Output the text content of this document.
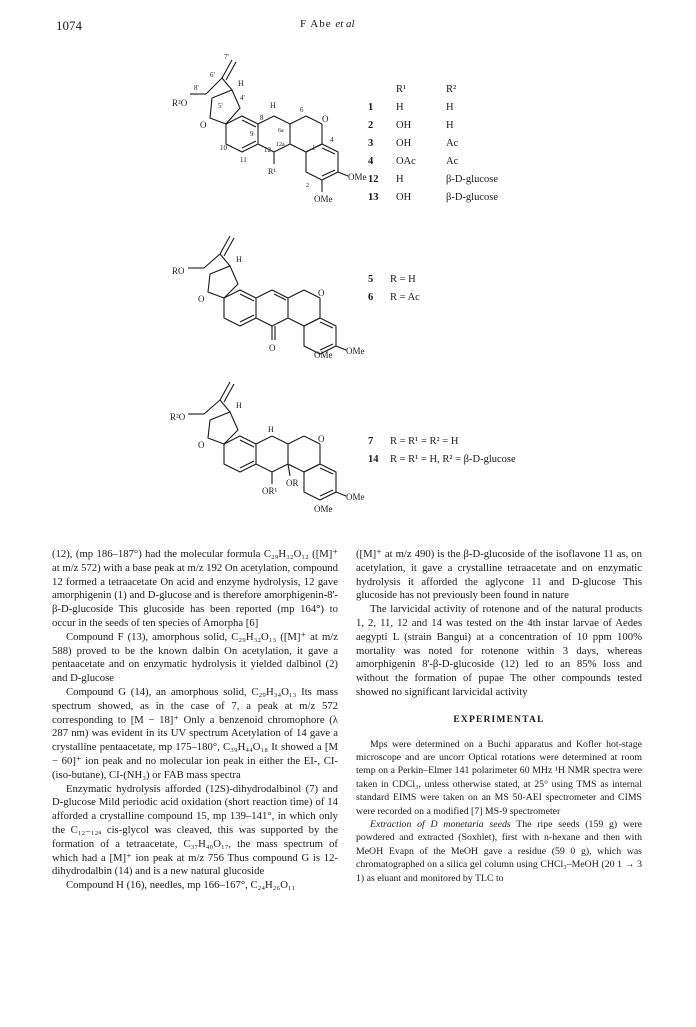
1074	F Abe et al
7'
6'
8'
R²O
H
4'
5'
O
8
H	6
O
6a
12a
9
10
11
12
R¹
1
4
OMe
2
OMe
R¹	R²
1	H	H
2	OH	H
3	OH	Ac
4	OAc	Ac
12	H	β-D-glucose
13	OH	β-D-glucose
RO
H
O
O
O	OMe
OMe
5	R = H
6	R = Ac
R²O
H
H
O
O
OR
OR¹
OMe
OMe
7	R = R¹ = R² = H
14	R = R¹ = H, R² = β-D-glucose

(12), (mp 186–187°) had the molecular formula C₂₉H₃₂O₁₂ ([M]⁺ at m/z 572) with a base peak at m/z 192 On acetylation, compound 12 formed a tetraacetate On acid and enzyme hydrolysis, 12 gave amorphigenin (1) and D-glucose and is therefore amorphigenin-8'-β-D-glucoside This glucoside has been reported (mp 164°) to occur in the seeds of ten species of Amorpha [6]

Compound F (13), amorphous solid, C₂₉H₃₂O₁₃ ([M]⁺ at m/z 588) proved to be the known dalbin On acetylation, it gave a pentaacetate and on enzymatic hydrolysis it yielded dalbinol (2) and D-glucose

Compound G (14), an amorphous solid, C₂₉H₃₄O₁₃ Its mass spectrum showed, as in the case of 7, a peak at m/z 572 corresponding to [M − 18]⁺ Only a benzenoid chromophore (λ 287 nm) was evident in its UV spectrum Acetylation of 14 gave a crystalline pentaacetate, mp 175–180°, C₃₉H₄₄O₁₈ It showed a [M − 60]⁺ ion peak and no molecular ion peak in either the EI-, CI- (iso-butane), CI-(NH₃) or FAB mass spectra

Enzymatic hydrolysis afforded (12S)-dihydrodalbinol (7) and D-glucose Mild periodic acid oxidation (short reaction time) of 14 afforded a crystalline compound 15, mp 139–141°, in which only the C₁₂₋₁₂ₐ cis-glycol was cleaved, this was supported by the formation of a tetraacetate, C₃₇H₄₀O₁₇, the mass spectrum of which had a [M]⁺ ion peak at m/z 756 Thus compound G is 12-dihydrodalbin (14) and is a new natural glucoside

Compound H (16), needles, mp 166–167°, C₂₄H₂₆O₁₁

([M]⁺ at m/z 490) is the β-D-glucoside of the isoflavone 11 as, on acetylation, it gave a crystalline tetraacetate and on enzymatic hydrolysis it afforded the aglycone 11 and D-glucose This glucoside has not previously been found in nature

The larvicidal activity of rotenone and of the natural products 1, 2, 11, 12 and 14 was tested on the 4th instar larvae of Aedes aegypti L (strain Bangui) at a concentration of 10 ppm 100% mortality was noted for rotenone within 3 days, whereas amorphigenin 8'-β-D-glucoside (12) led to an 85% loss and without the formation of pupae The other compounds tested showed no significant larvicidal activity

EXPERIMENTAL

Mps were determined on a Buchi apparatus and Kofler hot-stage microscope and are uncorr Optical rotations were determined at room temp on a Perkin–Elmer 141 polarimeter 60 MHz ¹H NMR spectra were taken in CDCl₃, unless otherwise stated, at 25° using TMS as internal standard EIMS were taken on an MS 50-AEI spectrometer and CIMS were recorded on a modified [7] MS-9 spectrometer

Extraction of D monetaria seeds The ripe seeds (159 g) were powdered and extracted (Soxhlet), first with n-hexane and then with MeOH Evapn of the MeOH gave a residue (59 0 g), which was chromatographed on a silica gel column using CHCl₃–MeOH (20 1 → 3 1) as eluant and monitored by TLC to
